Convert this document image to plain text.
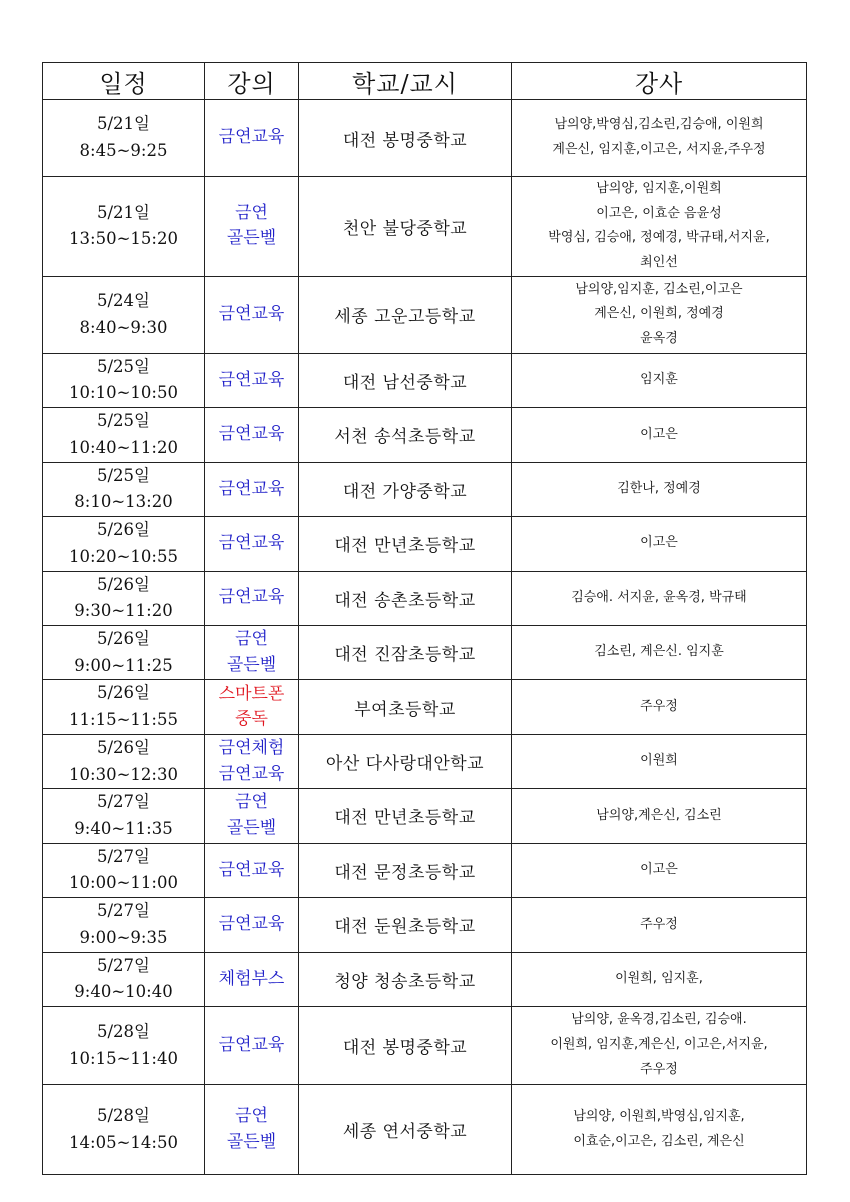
일정	강의	학교/교시	강사

5/21일
8:45~9:25	금연교육	대전 봉명중학교	남의양,박영심,김소린,김승애, 이원희
계은신, 임지훈,이고은, 서지윤,주우정

5/21일
13:50~15:20	금연
골든벨	천안 불당중학교	남의양, 임지훈,이원희
이고은, 이효순 음윤성
박영심, 김승애, 정예경, 박규태,서지윤,
최인선

5/24일
8:40~9:30	금연교육	세종 고운고등학교	남의양,임지훈, 김소린,이고은
계은신, 이원희, 정예경
윤옥경

5/25일
10:10~10:50	금연교육	대전 남선중학교	임지훈

5/25일
10:40~11:20	금연교육	서천 송석초등학교	이고은

5/25일
8:10~13:20	금연교육	대전 가양중학교	김한나, 정예경

5/26일
10:20~10:55	금연교육	대전 만년초등학교	이고은

5/26일
9:30~11:20	금연교육	대전 송촌초등학교	김승애. 서지윤, 윤옥경, 박규태

5/26일
9:00~11:25	금연
골든벨	대전 진잠초등학교	김소린, 계은신. 임지훈

5/26일
11:15~11:55	스마트폰
중독	부여초등학교	주우정

5/26일
10:30~12:30	금연체험
금연교육	아산 다사랑대안학교	이원희

5/27일
9:40~11:35	금연
골든벨	대전 만년초등학교	남의양,계은신, 김소린

5/27일
10:00~11:00	금연교육	대전 문정초등학교	이고은

5/27일
9:00~9:35	금연교육	대전 둔원초등학교	주우정

5/27일
9:40~10:40	체험부스	청양 청송초등학교	이원희, 임지훈,

5/28일
10:15~11:40	금연교육	대전 봉명중학교	남의양, 윤옥경,김소린, 김승애.
이원희, 임지훈,계은신, 이고은,서지윤,
주우정

5/28일
14:05~14:50	금연
골든벨	세종 연서중학교	남의양, 이원희,박영심,임지훈,
이효순,이고은, 김소린, 계은신
